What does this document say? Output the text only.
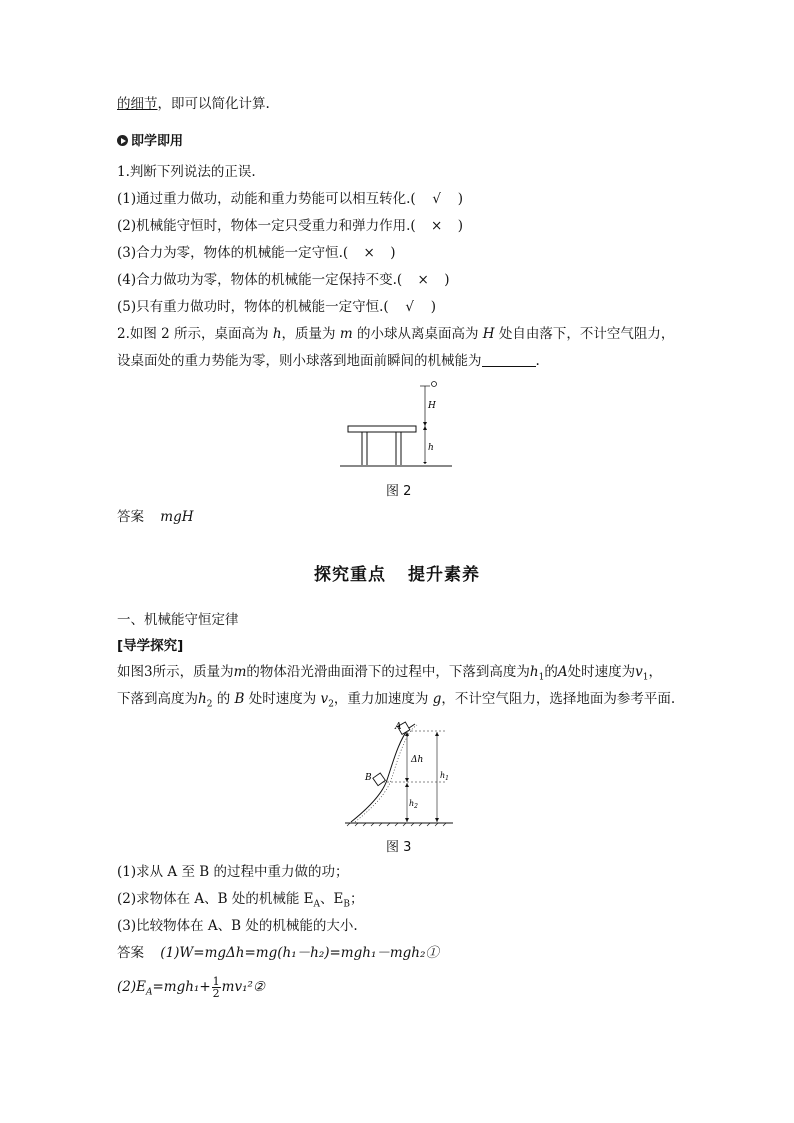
的细节，即可以简化计算.
即学即用
1.判断下列说法的正误.
(1)通过重力做功，动能和重力势能可以相互转化.( √ )
(2)机械能守恒时，物体一定只受重力和弹力作用.( × )
(3)合力为零，物体的机械能一定守恒.( × )
(4)合力做功为零，物体的机械能一定保持不变.( × )
(5)只有重力做功时，物体的机械能一定守恒.( √ )
2.如图 2 所示，桌面高为 h，质量为 m 的小球从离桌面高为 H 处自由落下，不计空气阻力，
设桌面处的重力势能为零，则小球落到地面前瞬间的机械能为	.
H
h
图 2
答案 mgH
探究重点 提升素养
一、机械能守恒定律
[导学探究]
如图3所示，质量为m的物体沿光滑曲面滑下的过程中，下落到高度为$h_1$的A处时速度为$v_1$，
下落到高度为$h_2$ 的 B 处时速度为 $v_2$，重力加速度为 g，不计空气阻力，选择地面为参考平面.
A
B
Δh
$h_1$
$h_2$
图 3
(1)求从 A 至 B 的过程中重力做的功；
(2)求物体在 A、B 处的机械能 $E_A$、$E_B$；
(3)比较物体在 A、B 处的机械能的大小.
答案 (1)W=mgΔh=mg(h₁－h₂)=mgh₁－mgh₂①
$(2)E_A=mgh_1+ \frac{1}{2}$ mv₁²②
